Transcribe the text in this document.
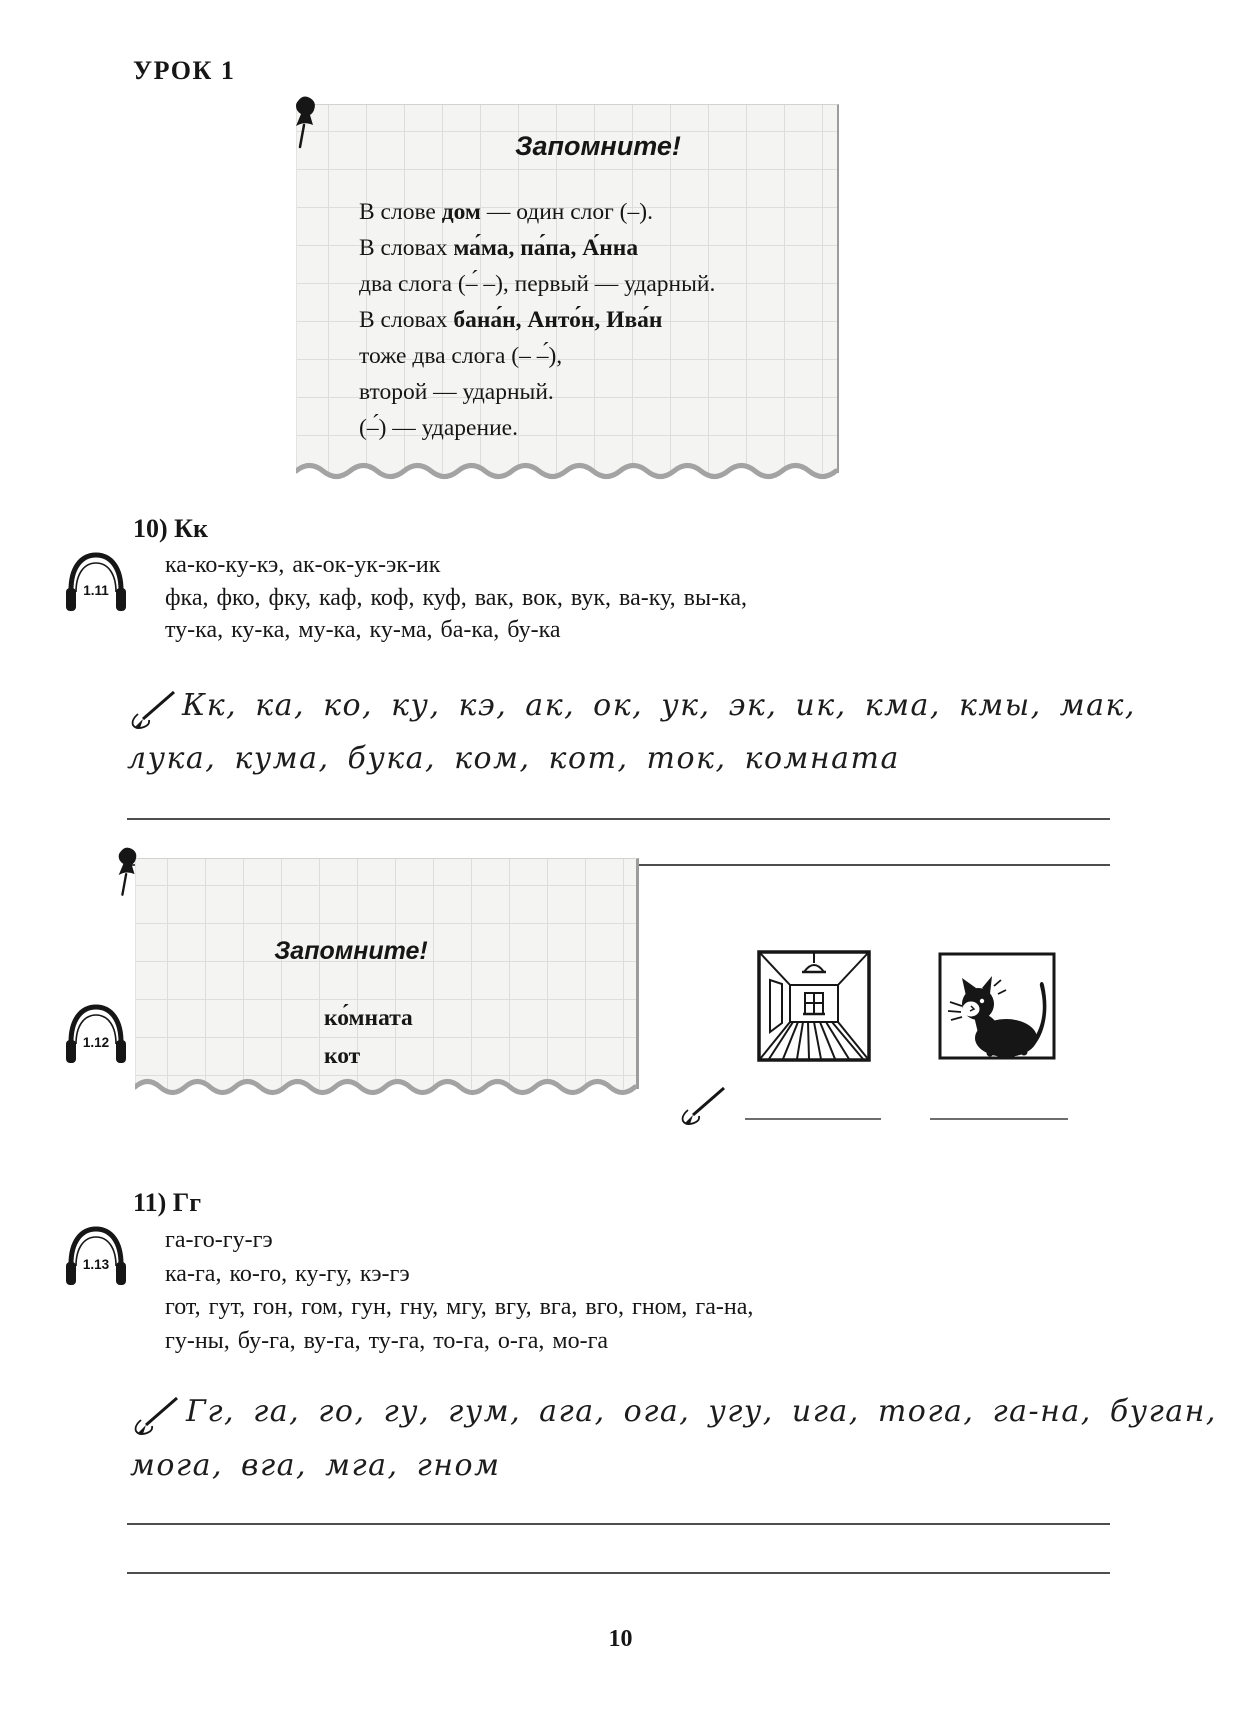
УРОК 1
Запомните!
В слове дом — один слог (–).
В словах ма́ма, па́па, А́нна
два слога (–́ –), первый — ударный.
В словах бана́н, Анто́н, Ива́н
тоже два слога (– –́),
второй — ударный.
(–́) — ударение.
10) Кк
1.11
ка-ко-ку-кэ, ак-ок-ук-эк-ик
фка, фко, фку, каф, коф, куф, вак, вок, вук, ва-ку, вы-ка,
ту-ка, ку-ка, му-ка, ку-ма, ба-ка, бу-ка
Кк, ка, ко, ку, кэ, ак, ок, ук, эк, ик, кма, кмы, мак,
лука, кума, бука, ком, кот, ток, комната
Запомните!
ко́мната
кот
1.12
11) Гг
1.13
га-го-гу-гэ
ка-га, ко-го, ку-гу, кэ-гэ
гот, гут, гон, гом, гун, гну, мгу, вгу, вга, вго, гном, га-на,
гу-ны, бу-га, ву-га, ту-га, то-га, о-га, мо-га
Гг, га, го, гу, гум, ага, ога, угу, ига, тога, га-на, буган,
мога, вга, мга, гном
10
